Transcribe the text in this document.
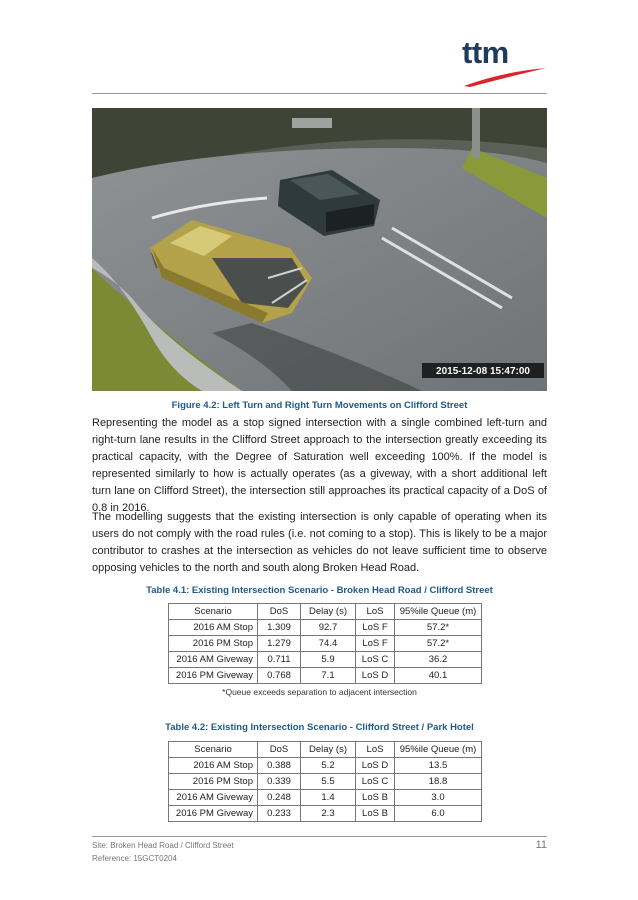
ttm
2015-12-08 15:47:00
Figure 4.2: Left Turn and Right Turn Movements on Clifford Street
Representing the model as a stop signed intersection with a single combined left-turn and right-turn lane results in the Clifford Street approach to the intersection greatly exceeding its practical capacity, with the Degree of Saturation well exceeding 100%. If the model is represented similarly to how is actually operates (as a giveway, with a short additional left turn lane on Clifford Street), the intersection still approaches its practical capacity of a DoS of 0.8 in 2016.
The modelling suggests that the existing intersection is only capable of operating when its users do not comply with the road rules (i.e. not coming to a stop). This is likely to be a major contributor to crashes at the intersection as vehicles do not leave sufficient time to observe opposing vehicles to the north and south along Broken Head Road.
Table 4.1: Existing Intersection Scenario - Broken Head Road / Clifford Street
Scenario	DoS	Delay (s)	LoS	95%ile Queue (m)
2016 AM Stop	1.309	92.7	LoS F	57.2*
2016 PM Stop	1.279	74.4	LoS F	57.2*
2016 AM Giveway	0.711	5.9	LoS C	36.2
2016 PM Giveway	0.768	7.1	LoS D	40.1
*Queue exceeds separation to adjacent intersection
Table 4.2: Existing Intersection Scenario - Clifford Street / Park Hotel
Scenario	DoS	Delay (s)	LoS	95%ile Queue (m)
2016 AM Stop	0.388	5.2	LoS D	13.5
2016 PM Stop	0.339	5.5	LoS C	18.8
2016 AM Giveway	0.248	1.4	LoS B	3.0
2016 PM Giveway	0.233	2.3	LoS B	6.0
Site: Broken Head Road / Clifford Street
Reference: 15GCT0204
11
